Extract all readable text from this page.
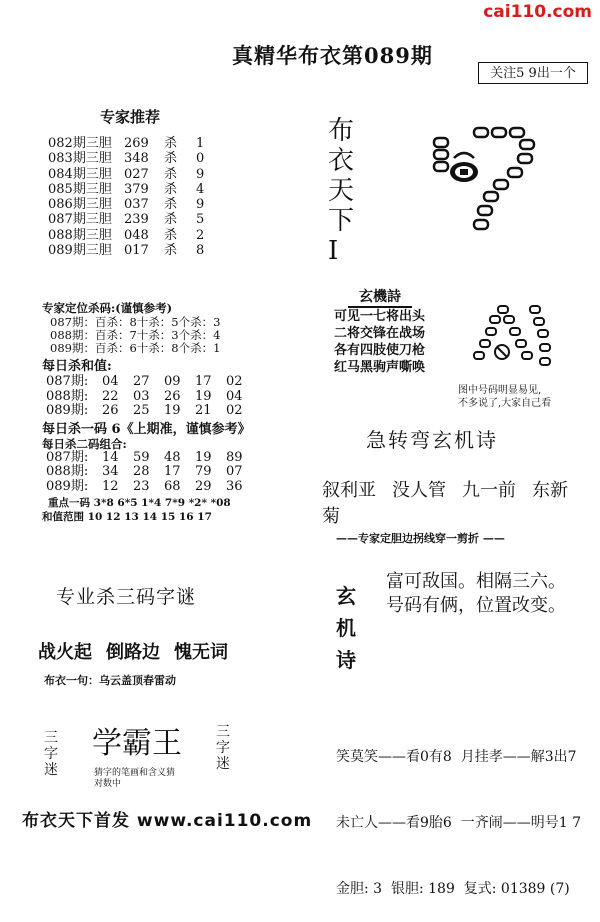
cai110.com
真精华布衣第089期
关注5 9出一个
专家推荐
082期三胆 269	杀	1
083期三胆 348	杀	0
084期三胆 027	杀	9
085期三胆 379	杀	4
086期三胆 037	杀	9
087期三胆 239	杀	5
088期三胆 048	杀	2
089期三胆 017	杀	8
布
衣
天
下
I
专家定位杀码:(谨慎参考)
087期：百杀：8十杀：5个杀：3
088期：百杀：7十杀：3个杀：4
089期：百杀：6十杀：8个杀：1
每日杀和值:
087期: 04 27 09 17 02
088期: 22 03 26 19 04
089期: 26 25 19 21 02
每日杀一码 6《上期准，谨慎参考》
每日杀二码组合:
087期: 14 59 48 19 89
088期: 34 28 17 79 07
089期: 12 23 68 29 36
重点一码 3*8 6*5 1*4 7*9 *2* *08
和值范围 10 12 13 14 15 16 17
玄機詩
可见一七将出头
二将交锋在战场
各有四肢使刀枪
红马黑驹声嘶唤
图中号码明显易见,
不多说了,大家自己看
急转弯玄机诗
叙利亚 没人管 九一前 东新菊
——专家定胆边拐线穿一剪折 ——
玄
机
诗
富可敌国。相隔三六。
号码有俩，位置改变。

笑莫笑——看0有8  月挂孝——解3出7

未亡人——看9胎6  一齐闹——明号1 7

金胆: 3  银胆: 189  复式: 01389 (7)

专业杀三码字谜
战火起 倒路边 愧无词
布衣一句：乌云盖顶春雷动
三
字
迷
学霸王 三
字
迷
猜字的笔画和含义猜
对数中
布衣天下首发 www.cai110.com
